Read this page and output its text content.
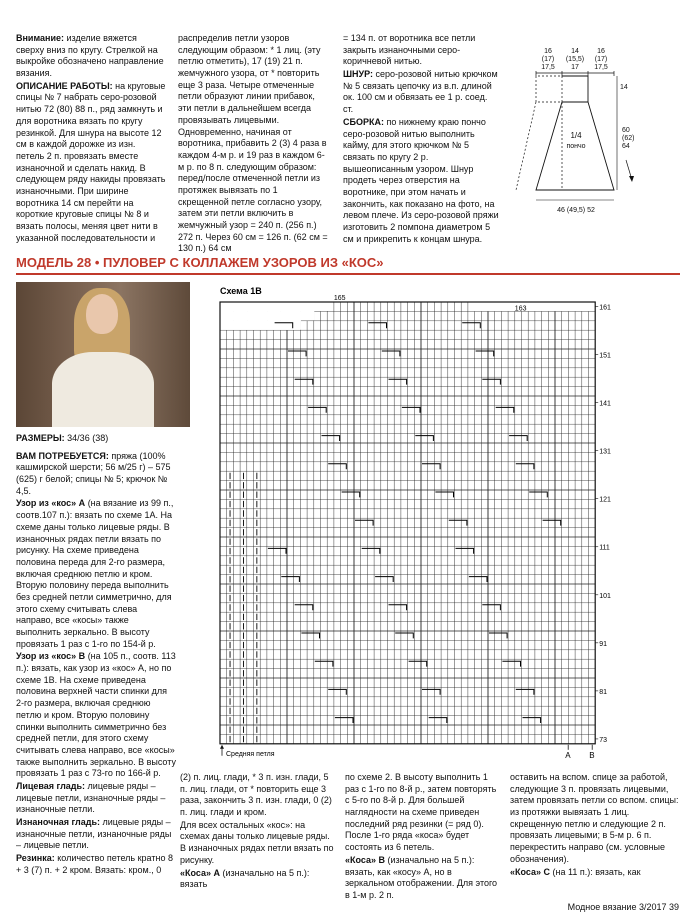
Внимание: изделие вяжется сверху вниз по кругу. Стрелкой на выкройке обозначено направление вязания.

ОПИСАНИЕ РАБОТЫ: на круговые спицы № 7 набрать серо-розовой нитью 72 (80) 88 п., ряд замкнуть и для воротника вязать по кругу резинкой. Для шнура на высоте 12 см в каждой дорожке из изн. петель 2 п. провязать вместе изнаночной и сделать накид. В следующем ряду накиды провязать изнаночными. При ширине воротника 14 см перейти на короткие круговые спицы № 8 и вязать полосы, меняя цвет нити в указанной последовательности и

распределив петли узоров следующим образом: * 1 лиц. (эту петлю отметить), 17 (19) 21 п. жемчужного узора, от * повторить еще 3 раза. Четыре отмеченные петли образуют линии прибавок, эти петли в дальнейшем всегда провязывать лицевыми. Одновременно, начиная от воротника, прибавить 2 (3) 4 раза в каждом 4-м р. и 19 раз в каждом 6-м р. по 8 п. следующим образом: перед/после отмеченной петли из протяжек вывязать по 1 скрещенной петле согласно узору, затем эти петли включить в жемчужный узор = 240 п. (256 п.) 272 п. Через 60 см = 126 п. (62 см = 130 п.) 64 см

= 134 п. от воротника все петли закрыть изнаночными серо-коричневой нитью.

ШНУР: серо-розовой нитью крючком № 5 связать цепочку из в.п. длиной ок. 100 см и обвязать ее 1 р. соед. ст.

СБОРКА: по нижнему краю пончо серо-розовой нитью выполнить кайму, для этого крючком № 5 связать по кругу 2 р. вышеописанным узором. Шнур продеть через отверстия на воротнике, при этом начать и закончить, как показано на фото, на левом плече. Из серо-розовой пряжи изготовить 2 помпона диаметром 5 см и прикрепить к концам шнура.

16
(17)
17,5
14
(15,5)
17
16
(17)
17,5
14
60
(62)
64
1/4
пончо
46 (49,5) 52
МОДЕЛЬ 28 • ПУЛОВЕР С КОЛЛАЖЕМ УЗОРОВ ИЗ «КОС»

РАЗМЕРЫ: 34/36 (38)

ВАМ ПОТРЕБУЕТСЯ: пряжа (100% кашмирской шерсти; 56 м/25 г) – 575 (625) г белой; спицы № 5; крючок № 4,5.

Узор из «кос» A (на вязание из 99 п., соотв.107 п.): вязать по схеме 1А. На схеме даны только лицевые ряды. В изнаночных рядах петли вязать по рисунку. На схеме приведена половина переда для 2-го размера, включая среднюю петлю и кром. Вторую половину переда выполнить без средней петли симметрично, для этого схему считывать слева направо, все «косы» также выполнить зеркально. В высоту провязать 1 раз с 1-го по 154-й р.

Узор из «кос» B (на 105 п., соотв. 113 п.): вязать, как узор из «кос» А, но по схеме 1В. На схеме приведена половина верхней части спинки для 2-го размера, включая среднюю петлю и кром. Вторую половину спинки выполнить симметрично без средней петли, для этого схему считывать слева направо, все «косы» также выполнить зеркально. В высоту провязать 1 раз с 73-го по 166-й р.

Лицевая гладь: лицевые ряды – лицевые петли, изнаночные ряды – изнаночные петли.

Изнаночная гладь: лицевые ряды – изнаночные петли, изнаночные ряды – лицевые петли.

Резинка: количество петель кратно 8 + 3 (7) п. + 2 кром. Вязать: кром., 0

Схема 1В
165
163	161
151
141
131
121
111
101
91
81
73
Средняя петля	A B

(2) п. лиц. глади, * 3 п. изн. глади, 5 п. лиц. глади, от * повторить еще 3 раза, закончить 3 п. изн. глади, 0 (2) п. лиц. глади и кром.

Для всех остальных «кос»: на схемах даны только лицевые ряды. В изнаночных рядах петли вязать по рисунку.

«Коса» A (изначально на 5 п.): вязать

по схеме 2. В высоту выполнить 1 раз с 1-го по 8-й р., затем повторять с 5-го по 8-й р. Для большей наглядности на схеме приведен последний ряд резинки (= ряд 0). После 1-го ряда «коса» будет состоять из 6 петель.

«Коса» B (изначально на 5 п.): вязать, как «косу» А, но в зеркальном отображении. Для этого в 1-м р. 2 п.

оставить на вспом. спице за работой, следующие 3 п. провязать лицевыми, затем провязать петли со вспом. спицы: из протяжки вывязать 1 лиц. скрещенную петлю и следующие 2 п. провязать лицевыми; в 5-м р. 6 п. перекрестить направо (см. условные обозначения).

«Коса» C (на 11 п.): вязать, как

Модное вязание 3/2017 39
